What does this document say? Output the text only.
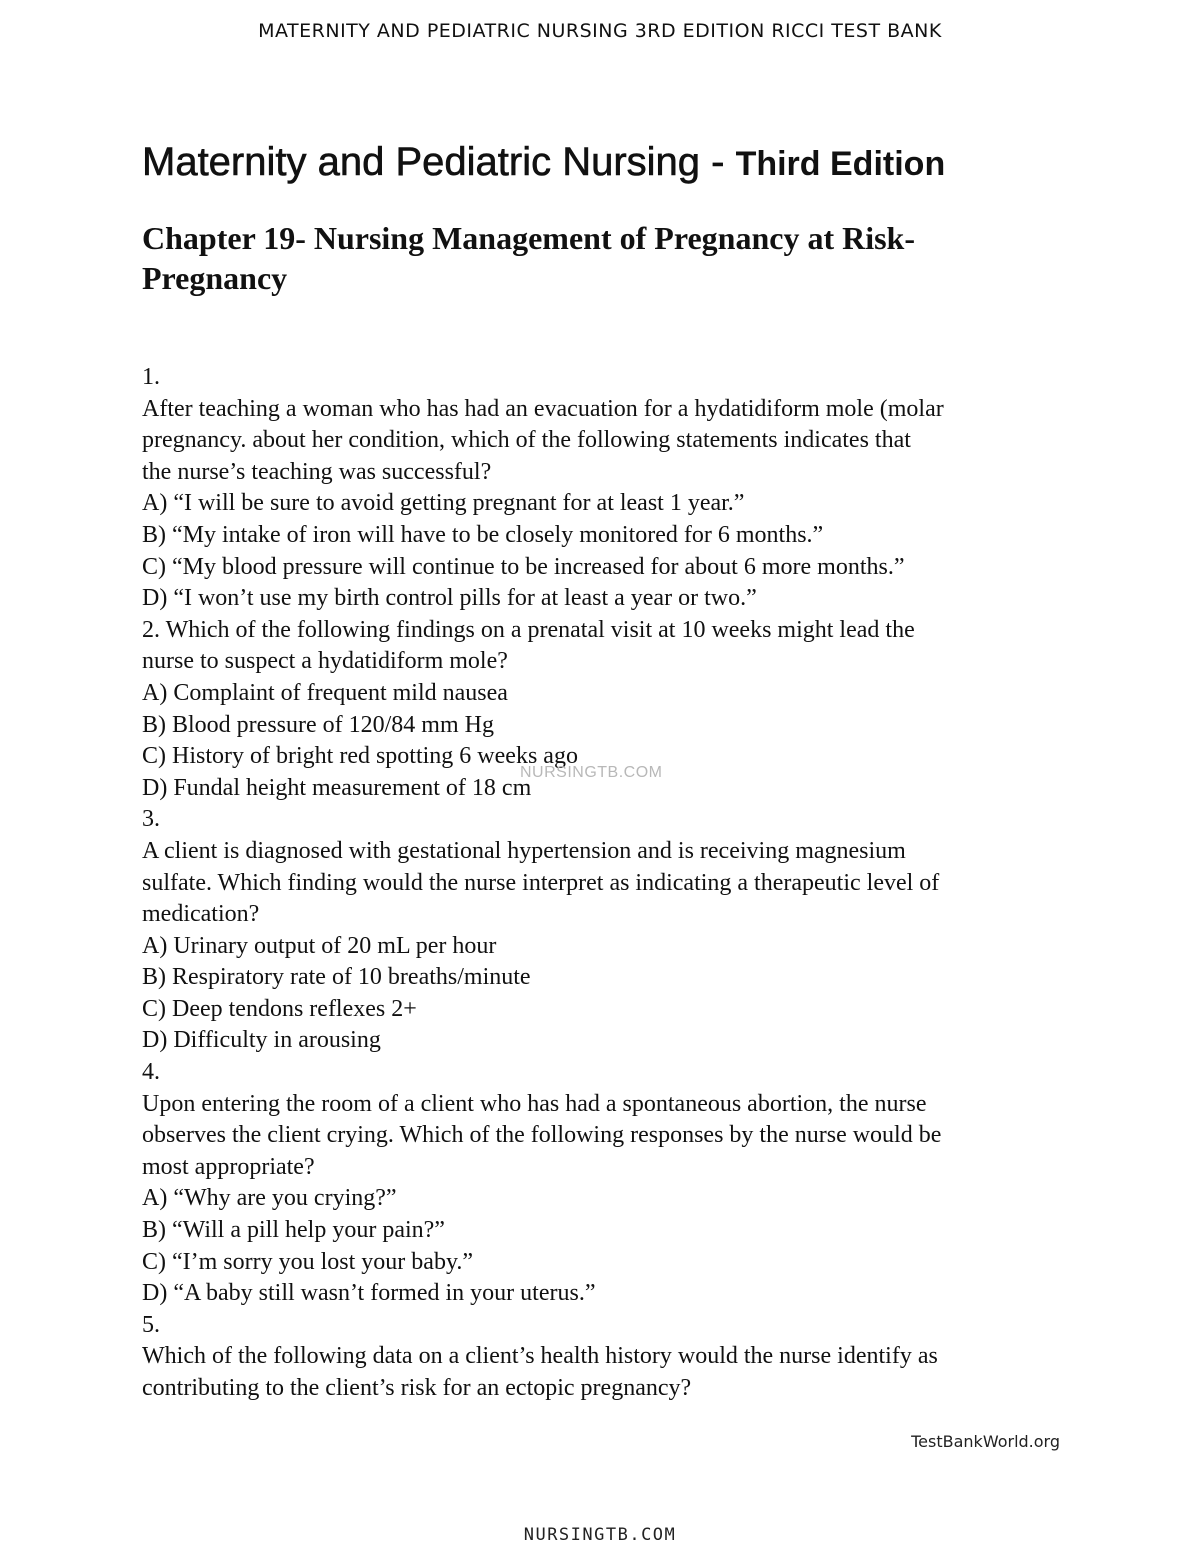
MATERNITY AND PEDIATRIC NURSING 3RD EDITION RICCI TEST BANK
Maternity and Pediatric Nursing - Third Edition
Chapter 19- Nursing Management of Pregnancy at Risk-
Pregnancy
1.
After teaching a woman who has had an evacuation for a hydatidiform mole (molar
pregnancy. about her condition, which of the following statements indicates that
the nurse’s teaching was successful?
A) “I will be sure to avoid getting pregnant for at least 1 year.”
B) “My intake of iron will have to be closely monitored for 6 months.”
C) “My blood pressure will continue to be increased for about 6 more months.”
D) “I won’t use my birth control pills for at least a year or two.”
2. Which of the following findings on a prenatal visit at 10 weeks might lead the
nurse to suspect a hydatidiform mole?
A) Complaint of frequent mild nausea
B) Blood pressure of 120/84 mm Hg
C) History of bright red spotting 6 weeks ago
D) Fundal height measurement of 18 cm
3.
A client is diagnosed with gestational hypertension and is receiving magnesium
sulfate. Which finding would the nurse interpret as indicating a therapeutic level of
medication?
A) Urinary output of 20 mL per hour
B) Respiratory rate of 10 breaths/minute
C) Deep tendons reflexes 2+
D) Difficulty in arousing
4.
Upon entering the room of a client who has had a spontaneous abortion, the nurse
observes the client crying. Which of the following responses by the nurse would be
most appropriate?
A) “Why are you crying?”
B) “Will a pill help your pain?”
C) “I’m sorry you lost your baby.”
D) “A baby still wasn’t formed in your uterus.”
5.
Which of the following data on a client’s health history would the nurse identify as
contributing to the client’s risk for an ectopic pregnancy?
NURSINGTB.COM
TestBankWorld.org
NURSINGTB.COM
